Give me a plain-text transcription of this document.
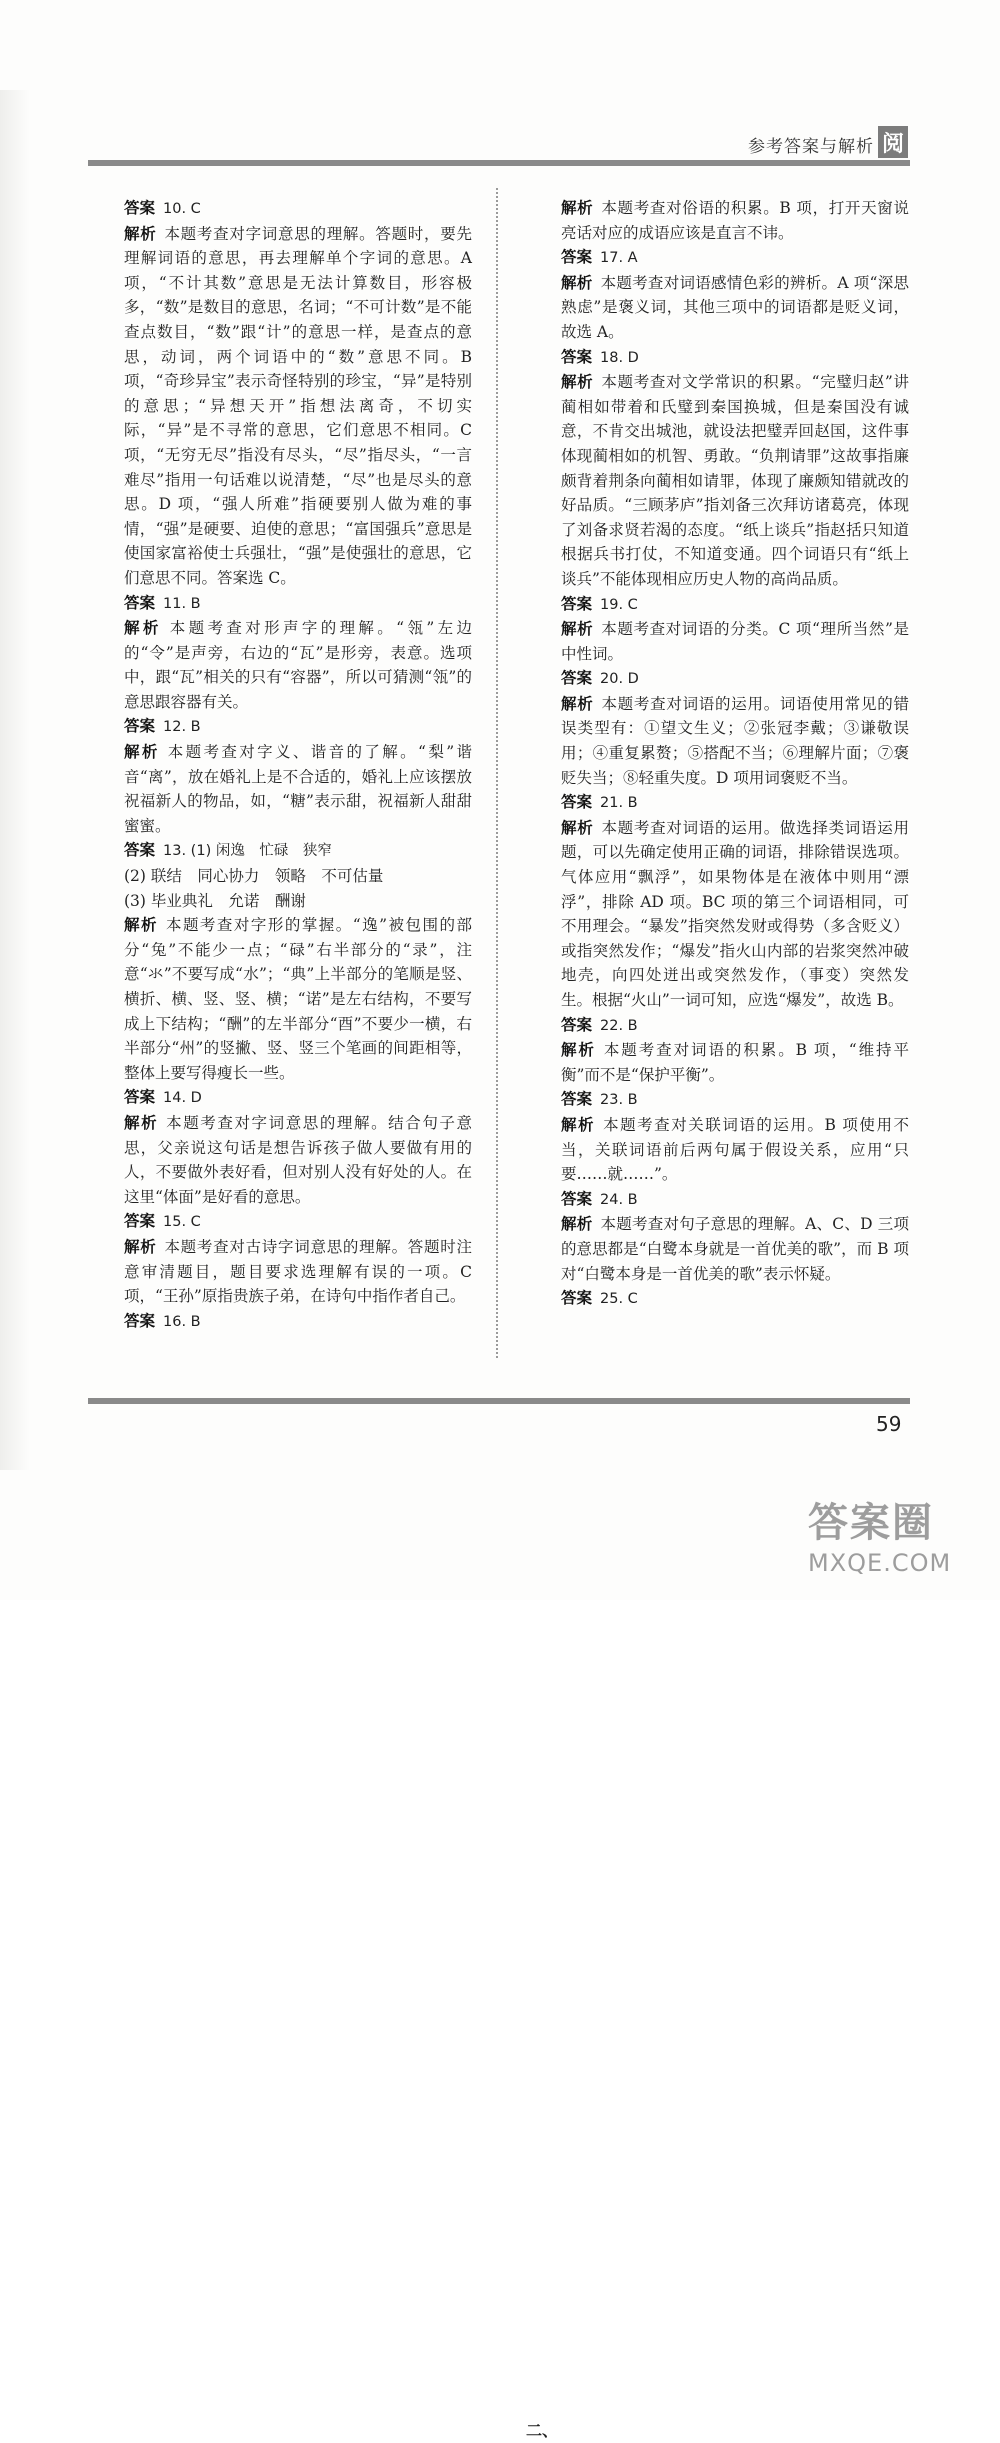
参考答案与解析 阅

答案 10. C

解析 本题考查对字词意思的理解。答题时，要先理解词语的意思，再去理解单个字词的意思。A 项，“不计其数”意思是无法计算数目，形容极多，“数”是数目的意思，名词；“不可计数”是不能查点数目，“数”跟“计”的意思一样，是查点的意思，动词，两个词语中的“数”意思不同。B 项，“奇珍异宝”表示奇怪特别的珍宝，“异”是特别的意思；“异想天开”指想法离奇，不切实际，“异”是不寻常的意思，它们意思不相同。C 项，“无穷无尽”指没有尽头，“尽”指尽头，“一言难尽”指用一句话难以说清楚，“尽”也是尽头的意思。D 项，“强人所难”指硬要别人做为难的事情，“强”是硬要、迫使的意思；“富国强兵”意思是使国家富裕使士兵强壮，“强”是使强壮的意思，它们意思不同。答案选 C。

答案 11. B

解析 本题考查对形声字的理解。“瓴”左边的“令”是声旁，右边的“瓦”是形旁，表意。选项中，跟“瓦”相关的只有“容器”，所以可猜测“瓴”的意思跟容器有关。

答案 12. B

解析 本题考查对字义、谐音的了解。“梨”谐音“离”，放在婚礼上是不合适的，婚礼上应该摆放祝福新人的物品，如，“糖”表示甜，祝福新人甜甜蜜蜜。

答案 13. (1) 闲逸　忙碌　狭窄

(2) 联结　同心协力　领略　不可估量

(3) 毕业典礼　允诺　酬谢

解析 本题考查对字形的掌握。“逸”被包围的部分“兔”不能少一点；“碌”右半部分的“录”，注意“氺”不要写成“水”；“典”上半部分的笔顺是竖、横折、横、竖、竖、横；“诺”是左右结构，不要写成上下结构；“酬”的左半部分“酉”不要少一横，右半部分“州”的竖撇、竖、竖三个笔画的间距相等，整体上要写得瘦长一些。

答案 14. D

解析 本题考查对字词意思的理解。结合句子意思，父亲说这句话是想告诉孩子做人要做有用的人，不要做外表好看，但对别人没有好处的人。在这里“体面”是好看的意思。

答案 15. C

解析 本题考查对古诗字词意思的理解。答题时注意审清题目，题目要求选理解有误的一项。C 项，“王孙”原指贵族子弟，在诗句中指作者自己。

答案 16. B

解析 本题考查对俗语的积累。B 项，打开天窗说亮话对应的成语应该是直言不讳。

答案 17. A

解析 本题考查对词语感情色彩的辨析。A 项“深思熟虑”是褒义词，其他三项中的词语都是贬义词，故选 A。

答案 18. D

解析 本题考查对文学常识的积累。“完璧归赵”讲蔺相如带着和氏璧到秦国换城，但是秦国没有诚意，不肯交出城池，就设法把璧弄回赵国，这件事体现蔺相如的机智、勇敢。“负荆请罪”这故事指廉颇背着荆条向蔺相如请罪，体现了廉颇知错就改的好品质。“三顾茅庐”指刘备三次拜访诸葛亮，体现了刘备求贤若渴的态度。“纸上谈兵”指赵括只知道根据兵书打仗，不知道变通。四个词语只有“纸上谈兵”不能体现相应历史人物的高尚品质。

答案 19. C

解析 本题考查对词语的分类。C 项“理所当然”是中性词。

答案 20. D

解析 本题考查对词语的运用。词语使用常见的错误类型有：①望文生义；②张冠李戴；③谦敬误用；④重复累赘；⑤搭配不当；⑥理解片面；⑦褒贬失当；⑧轻重失度。D 项用词褒贬不当。

答案 21. B

解析 本题考查对词语的运用。做选择类词语运用题，可以先确定使用正确的词语，排除错误选项。气体应用“飘浮”，如果物体是在液体中则用“漂浮”，排除 AD 项。BC 项的第三个词语相同，可不用理会。“暴发”指突然发财或得势（多含贬义）或指突然发作；“爆发”指火山内部的岩浆突然冲破地壳，向四处迸出或突然发作，（事变）突然发生。根据“火山”一词可知，应选“爆发”，故选 B。

答案 22. B

解析 本题考查对词语的积累。B 项，“维持平衡”而不是“保护平衡”。

答案 23. B

解析 本题考查对关联词语的运用。B 项使用不当，关联词语前后两句属于假设关系，应用“只要……就……”。

二、
答案 24. B

解析 本题考查对句子意思的理解。A、C、D 三项的意思都是“白鹭本身就是一首优美的歌”，而 B 项对“白鹭本身是一首优美的歌”表示怀疑。

答案 25. C

59
答案圈
MXQE.COM
